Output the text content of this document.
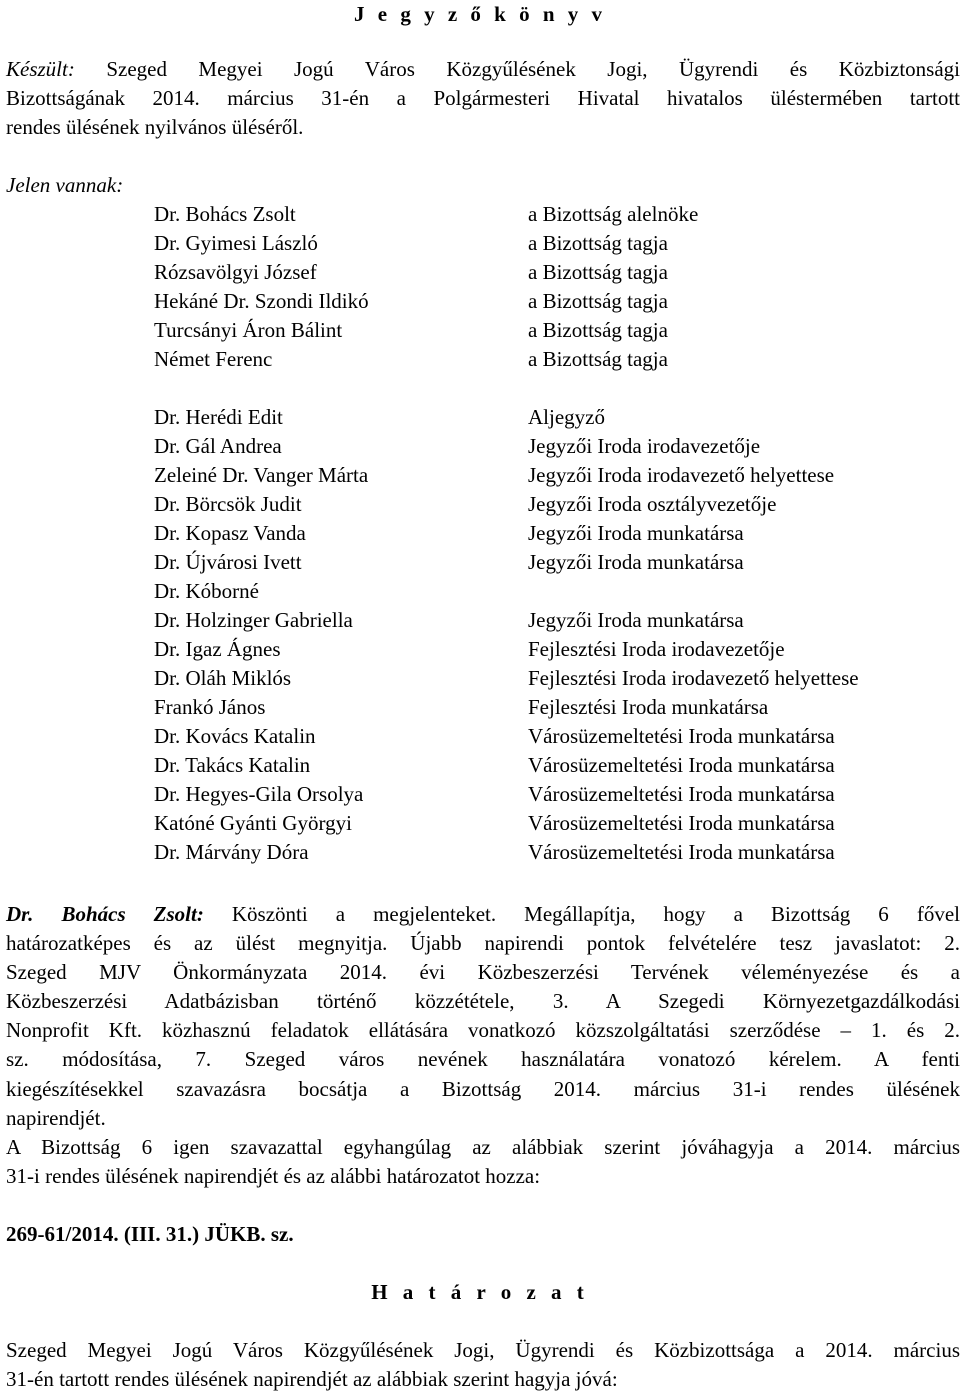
J e g y z ő k ö n y v
Készült: Szeged Megyei Jogú Város Közgyűlésének Jogi, Ügyrendi és Közbiztonsági
Bizottságának 2014. március 31-én a Polgármesteri Hivatal hivatalos üléstermében tartott
rendes ülésének nyilvános üléséről.
Jelen vannak:
Dr. Bohács Zsolt	a Bizottság alelnöke
Dr. Gyimesi László	a Bizottság tagja
Rózsavölgyi József	a Bizottság tagja
Hekáné Dr. Szondi Ildikó	a Bizottság tagja
Turcsányi Áron Bálint	a Bizottság tagja
Német Ferenc	a Bizottság tagja
Dr. Herédi Edit	Aljegyző
Dr. Gál Andrea	Jegyzői Iroda irodavezetője
Zeleiné Dr. Vanger Márta	Jegyzői Iroda irodavezető helyettese
Dr. Börcsök Judit	Jegyzői Iroda osztályvezetője
Dr. Kopasz Vanda	Jegyzői Iroda munkatársa
Dr. Újvárosi Ivett	Jegyzői Iroda munkatársa
Dr. Kóborné
Dr. Holzinger Gabriella	Jegyzői Iroda munkatársa
Dr. Igaz Ágnes	Fejlesztési Iroda irodavezetője
Dr. Oláh Miklós	Fejlesztési Iroda irodavezető helyettese
Frankó János	Fejlesztési Iroda munkatársa
Dr. Kovács Katalin	Városüzemeltetési Iroda munkatársa
Dr. Takács Katalin	Városüzemeltetési Iroda munkatársa
Dr. Hegyes-Gila Orsolya	Városüzemeltetési Iroda munkatársa
Katóné Gyánti Györgyi	Városüzemeltetési Iroda munkatársa
Dr. Márvány Dóra	Városüzemeltetési Iroda munkatársa
Dr. Bohács Zsolt: Köszönti a megjelenteket. Megállapítja, hogy a Bizottság 6 fővel
határozatképes és az ülést megnyitja. Újabb napirendi pontok felvételére tesz javaslatot: 2.
Szeged MJV Önkormányzata 2014. évi Közbeszerzési Tervének véleményezése és a
Közbeszerzési Adatbázisban történő közzététele, 3. A Szegedi Környezetgazdálkodási
Nonprofit Kft. közhasznú feladatok ellátására vonatkozó közszolgáltatási szerződése – 1. és 2.
sz. módosítása, 7. Szeged város nevének használatára vonatozó kérelem. A fenti
kiegészítésekkel szavazásra bocsátja a Bizottság 2014. március 31-i rendes ülésének
napirendjét.
A Bizottság 6 igen szavazattal egyhangúlag az alábbiak szerint jóváhagyja a 2014. március
31-i rendes ülésének napirendjét és az alábbi határozatot hozza:
269-61/2014. (III. 31.) JÜKB. sz.
H a t á r o z a t
Szeged Megyei Jogú Város Közgyűlésének Jogi, Ügyrendi és Közbizottsága a 2014. március
31-én tartott rendes ülésének napirendjét az alábbiak szerint hagyja jóvá:
